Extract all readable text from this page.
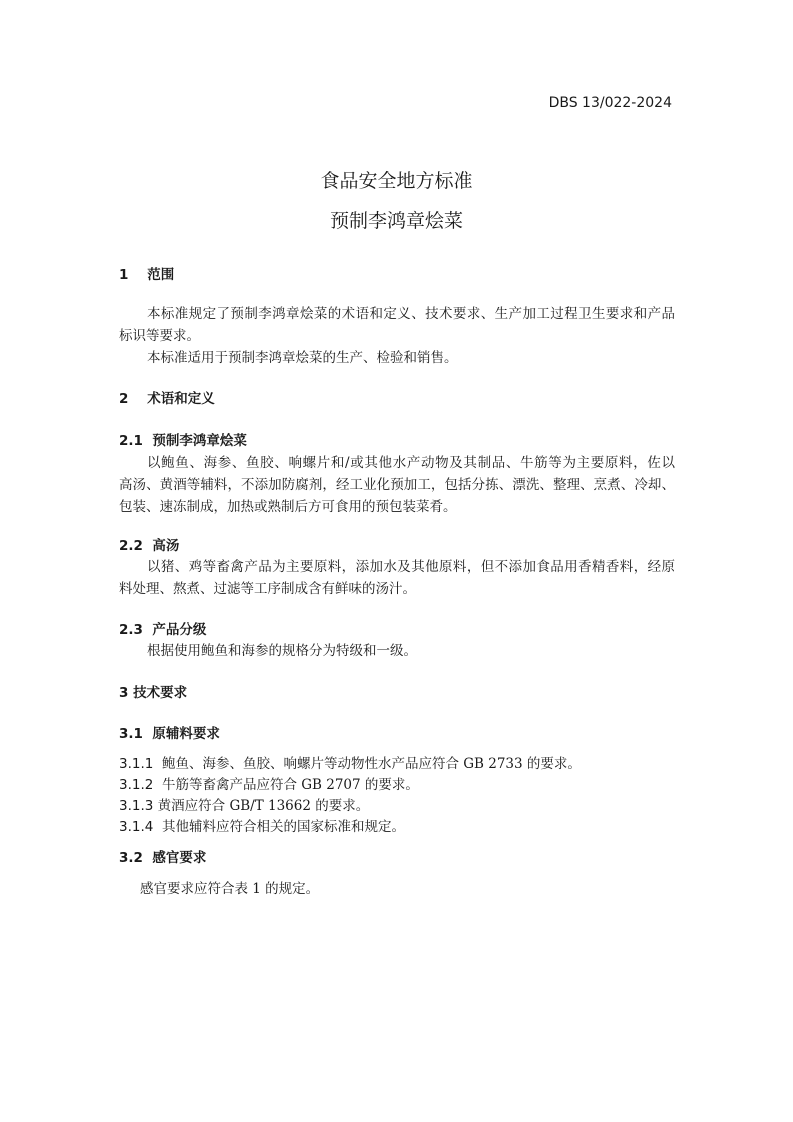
DBS 13/022-2024
食品安全地方标准
预制李鸿章烩菜
1 范围
本标准规定了预制李鸿章烩菜的术语和定义、技术要求、生产加工过程卫生要求和产品
标识等要求。
本标准适用于预制李鸿章烩菜的生产、检验和销售。
2 术语和定义
2.1 预制李鸿章烩菜
以鲍鱼、海参、鱼胶、响螺片和/或其他水产动物及其制品、牛筋等为主要原料，佐以
高汤、黄酒等辅料，不添加防腐剂，经工业化预加工，包括分拣、漂洗、整理、烹煮、冷却、
包装、速冻制成，加热或熟制后方可食用的预包装菜肴。
2.2 高汤
以猪、鸡等畜禽产品为主要原料，添加水及其他原料，但不添加食品用香精香料，经原
料处理、熬煮、过滤等工序制成含有鲜味的汤汁。
2.3 产品分级
根据使用鲍鱼和海参的规格分为特级和一级。
3 技术要求
3.1 原辅料要求
3.1.1 鲍鱼、海参、鱼胶、响螺片等动物性水产品应符合 GB 2733 的要求。
3.1.2 牛筋等畜禽产品应符合 GB 2707 的要求。
3.1.3 黄酒应符合 GB/T 13662 的要求。
3.1.4 其他辅料应符合相关的国家标准和规定。
3.2 感官要求
感官要求应符合表 1 的规定。
